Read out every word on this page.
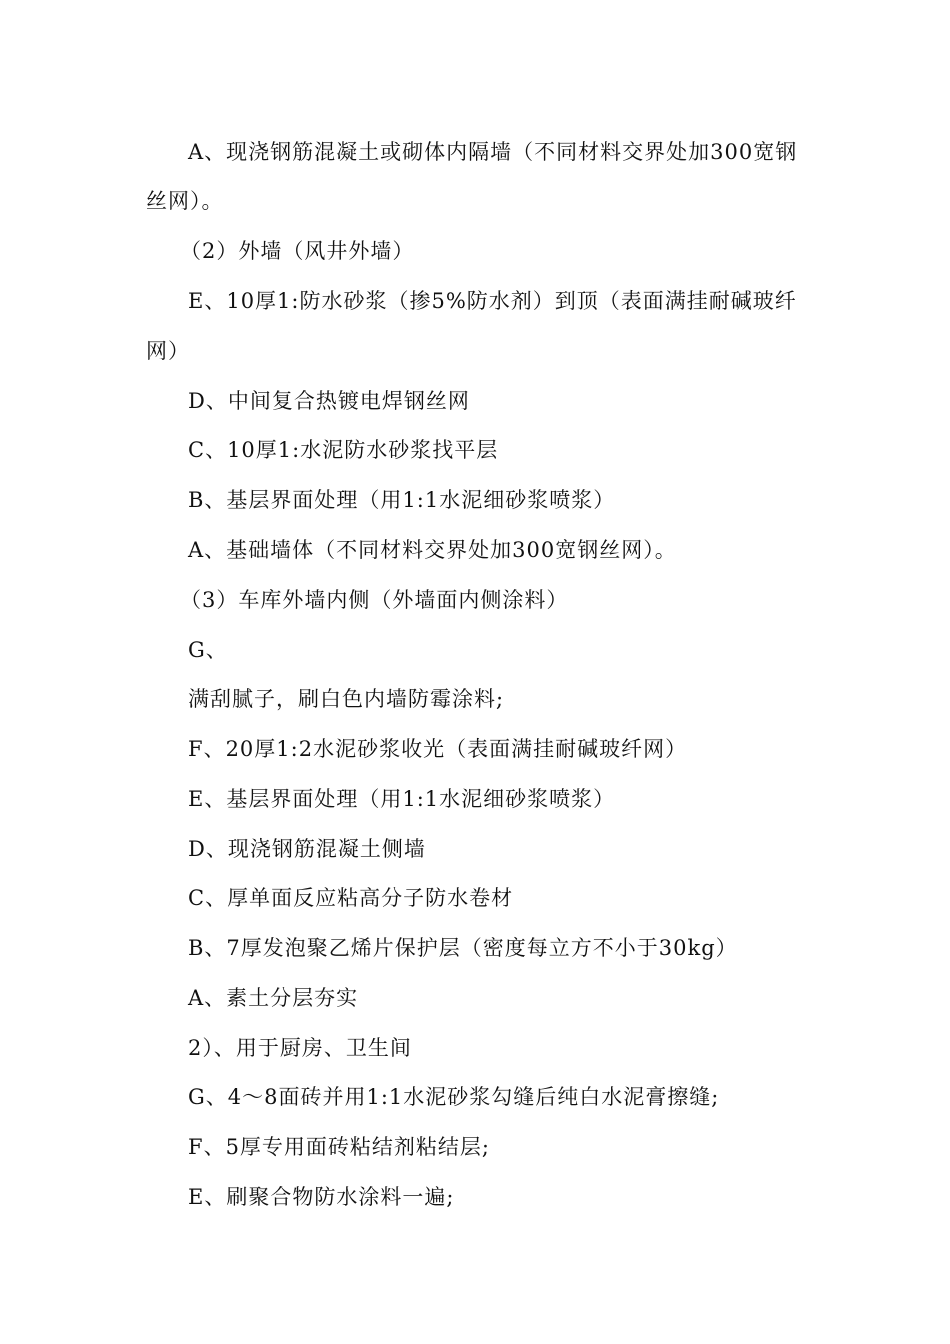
A、现浇钢筋混凝土或砌体内隔墙（不同材料交界处加300宽钢
丝网）。
（2）外墙（风井外墙）
E、10厚1:防水砂浆（掺5%防水剂）到顶（表面满挂耐碱玻纤
网）
D、中间复合热镀电焊钢丝网
C、10厚1:水泥防水砂浆找平层
B、基层界面处理（用1:1水泥细砂浆喷浆）
A、基础墙体（不同材料交界处加300宽钢丝网）。
（3）车库外墙内侧（外墙面内侧涂料）
G、
满刮腻子，刷白色内墙防霉涂料;
F、20厚1:2水泥砂浆收光（表面满挂耐碱玻纤网）
E、基层界面处理（用1:1水泥细砂浆喷浆）
D、现浇钢筋混凝土侧墙
C、厚单面反应粘高分子防水卷材
B、7厚发泡聚乙烯片保护层（密度每立方不小于30kg）
A、素土分层夯实
2）、用于厨房、卫生间
G、4～8面砖并用1:1水泥砂浆勾缝后纯白水泥膏擦缝;
F、5厚专用面砖粘结剂粘结层;
E、刷聚合物防水涂料一遍;
